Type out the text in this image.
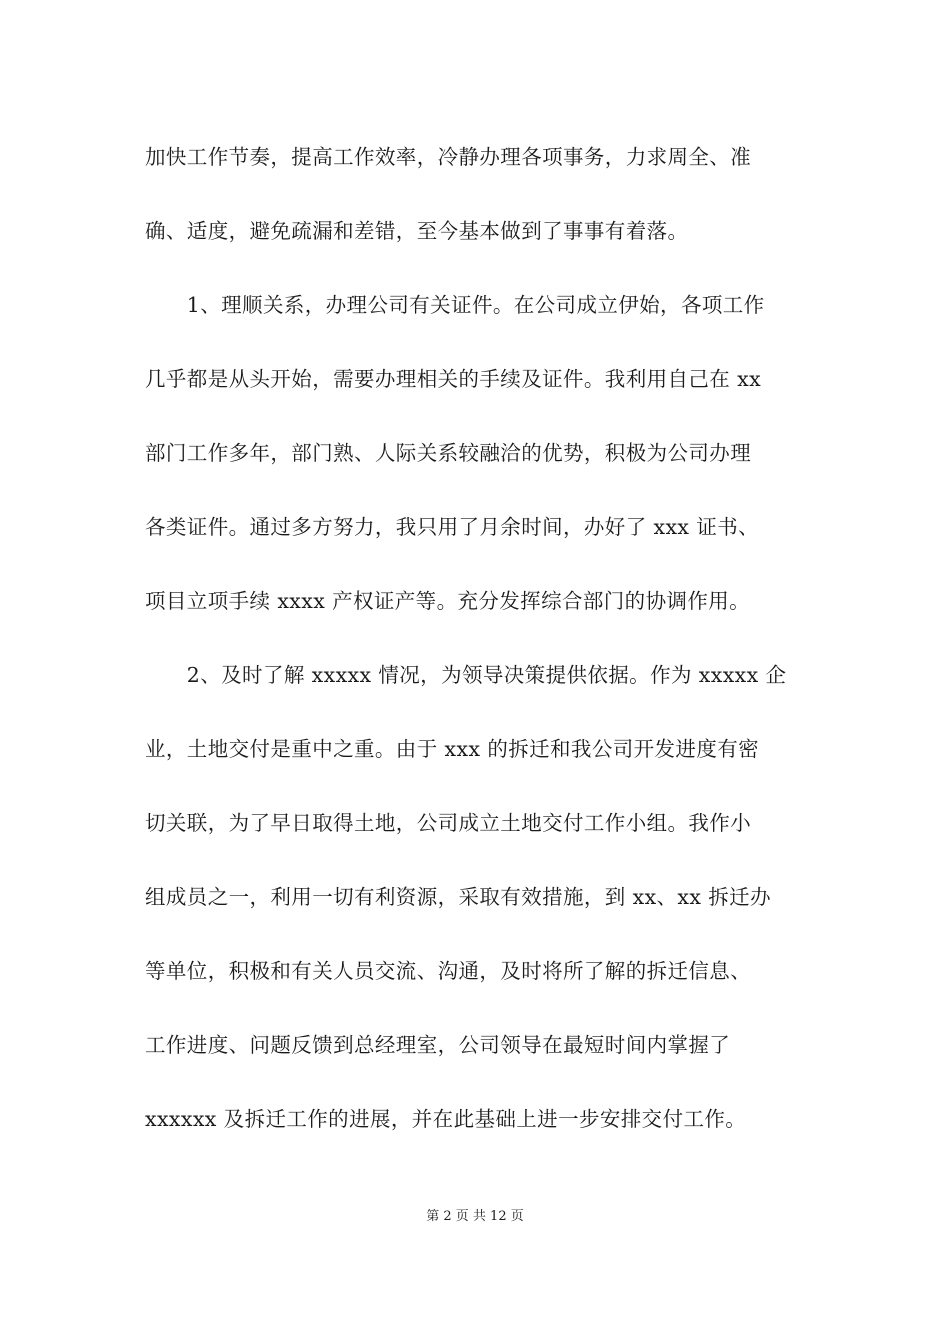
加快工作节奏，提高工作效率，冷静办理各项事务，力求周全、准
确、适度，避免疏漏和差错，至今基本做到了事事有着落。
　　1、理顺关系，办理公司有关证件。在公司成立伊始，各项工作
几乎都是从头开始，需要办理相关的手续及证件。我利用自己在 xx
部门工作多年，部门熟、人际关系较融洽的优势，积极为公司办理
各类证件。通过多方努力，我只用了月余时间，办好了 xxx 证书、
项目立项手续 xxxx 产权证产等。充分发挥综合部门的协调作用。
　　2、及时了解 xxxxx 情况，为领导决策提供依据。作为 xxxxx 企
业，土地交付是重中之重。由于 xxx 的拆迁和我公司开发进度有密
切关联，为了早日取得土地，公司成立土地交付工作小组。我作小
组成员之一，利用一切有利资源，采取有效措施，到 xx、xx 拆迁办
等单位，积极和有关人员交流、沟通，及时将所了解的拆迁信息、
工作进度、问题反馈到总经理室，公司领导在最短时间内掌握了
xxxxxx 及拆迁工作的进展，并在此基础上进一步安排交付工作。
第 2 页 共 12 页
